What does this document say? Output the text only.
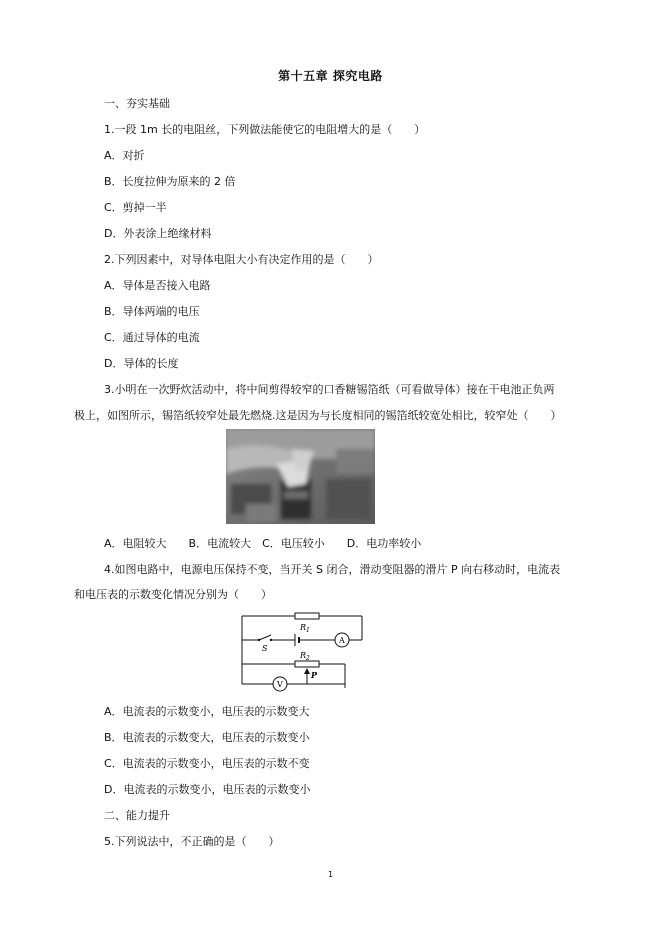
第十五章 探究电路
一、夯实基础
1.一段 1m 长的电阻丝，下列做法能使它的电阻增大的是（　　）
A．对折
B．长度拉伸为原来的 2 倍
C．剪掉一半
D．外表涂上绝缘材料
2.下列因素中，对导体电阻大小有决定作用的是（　　）
A．导体是否接入电路
B．导体两端的电压
C．通过导体的电流
D．导体的长度
3.小明在一次野炊活动中，将中间剪得较窄的口香糖锡箔纸（可看做导体）接在干电池正负两
极上，如图所示，锡箔纸较窄处最先燃烧.这是因为与长度相同的锡箔纸较宽处相比，较窄处（　　）
A．电阻较大　　B．电流较大　C．电压较小　　D．电功率较小
4.如图电路中，电源电压保持不变，当开关 S 闭合，滑动变阻器的滑片 P 向右移动时，电流表
和电压表的示数变化情况分别为（　　）
$R_1$
$R_2$
S
P
A
V
A．电流表的示数变小，电压表的示数变大
B．电流表的示数变大，电压表的示数变小
C．电流表的示数变小，电压表的示数不变
D．电流表的示数变小，电压表的示数变小
二、能力提升
5.下列说法中，不正确的是（　　）
1
